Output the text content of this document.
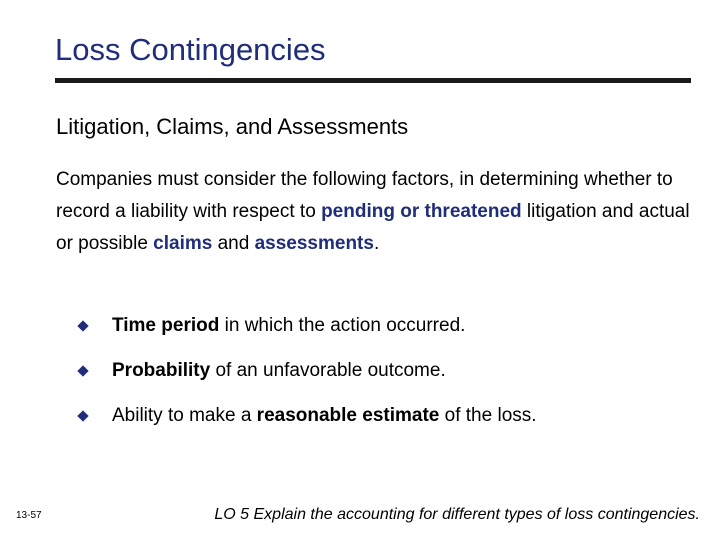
Loss Contingencies
Litigation, Claims, and Assessments
Companies must consider the following factors, in determining whether to record a liability with respect to pending or threatened litigation and actual or possible claims and assessments.
Time period in which the action occurred.
Probability of an unfavorable outcome.
Ability to make a reasonable estimate of the loss.
13-57	LO 5 Explain the accounting for different types of loss contingencies.
